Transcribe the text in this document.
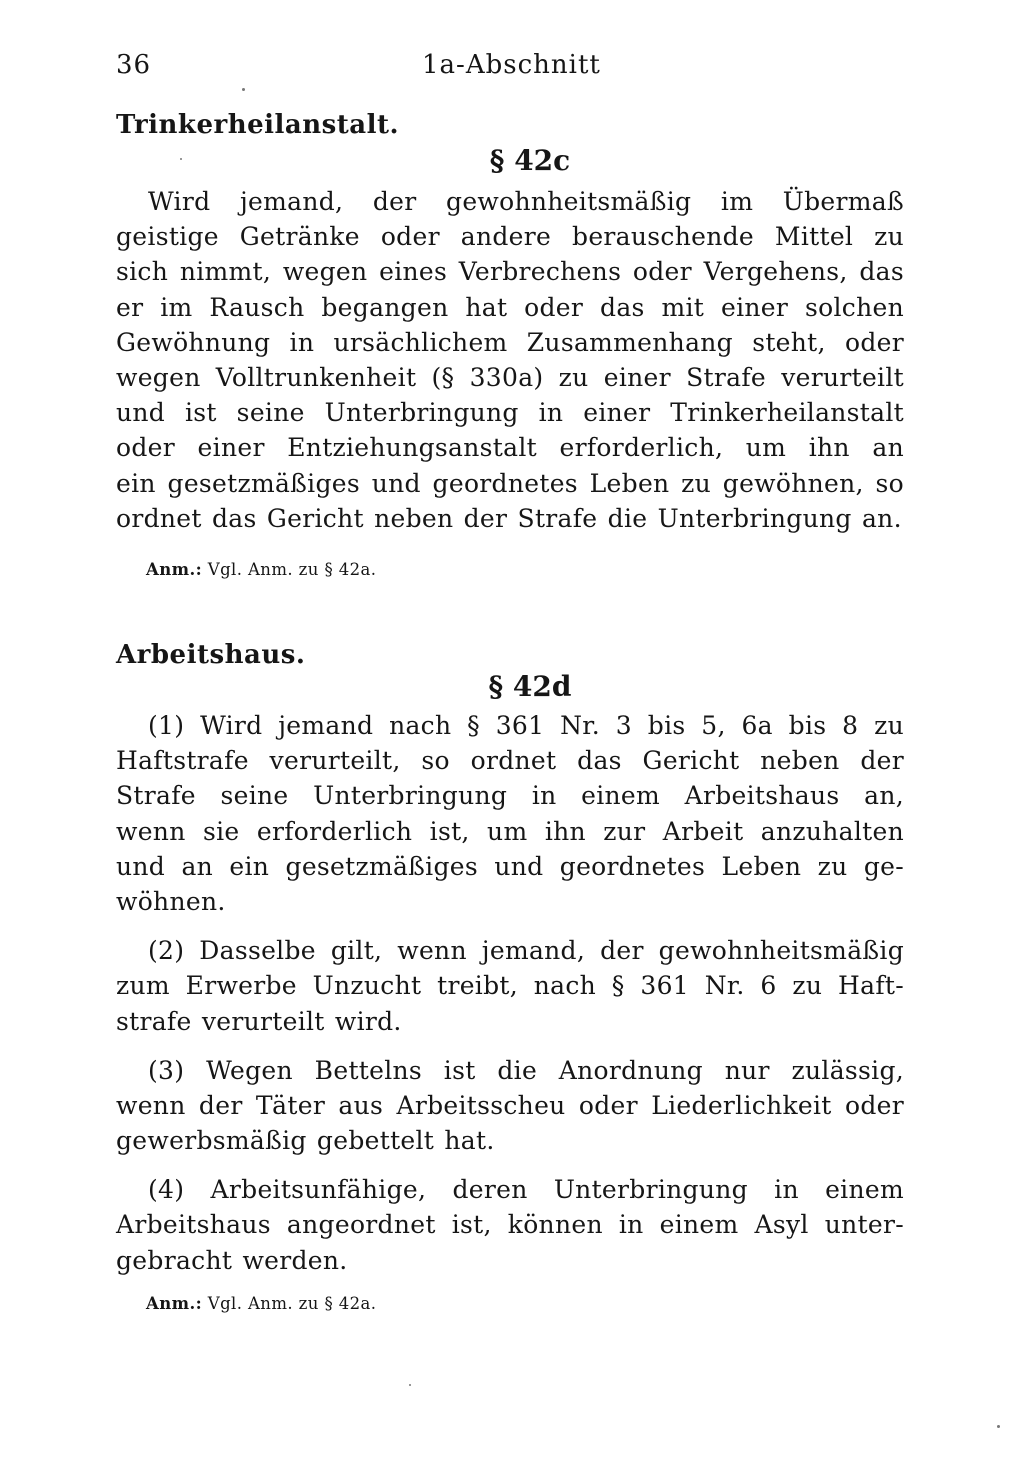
36	1a-Abschnitt
Trinkerheilanstalt.
§ 42c
Wird jemand, der gewohnheitsmäßig im Übermaß
geistige Getränke oder andere berauschende Mittel zu
sich nimmt, wegen eines Verbrechens oder Vergehens, das
er im Rausch begangen hat oder das mit einer solchen
Gewöhnung in ursächlichem Zusammenhang steht, oder
wegen Volltrunkenheit (§ 330a) zu einer Strafe verurteilt
und ist seine Unterbringung in einer Trinkerheilanstalt
oder einer Entziehungsanstalt erforderlich, um ihn an
ein gesetzmäßiges und geordnetes Leben zu gewöhnen, so
ordnet das Gericht neben der Strafe die Unterbringung an.
Anm.: Vgl. Anm. zu § 42a.
Arbeitshaus.
§ 42d
(1) Wird jemand nach § 361 Nr. 3 bis 5, 6a bis 8 zu
Haftstrafe verurteilt, so ordnet das Gericht neben der
Strafe seine Unterbringung in einem Arbeitshaus an,
wenn sie erforderlich ist, um ihn zur Arbeit anzuhalten
und an ein gesetzmäßiges und geordnetes Leben zu ge-
wöhnen.
(2) Dasselbe gilt, wenn jemand, der gewohnheitsmäßig
zum Erwerbe Unzucht treibt, nach § 361 Nr. 6 zu Haft-
strafe verurteilt wird.
(3) Wegen Bettelns ist die Anordnung nur zulässig,
wenn der Täter aus Arbeitsscheu oder Liederlichkeit oder
gewerbsmäßig gebettelt hat.
(4) Arbeitsunfähige, deren Unterbringung in einem
Arbeitshaus angeordnet ist, können in einem Asyl unter-
gebracht werden.
Anm.: Vgl. Anm. zu § 42a.
